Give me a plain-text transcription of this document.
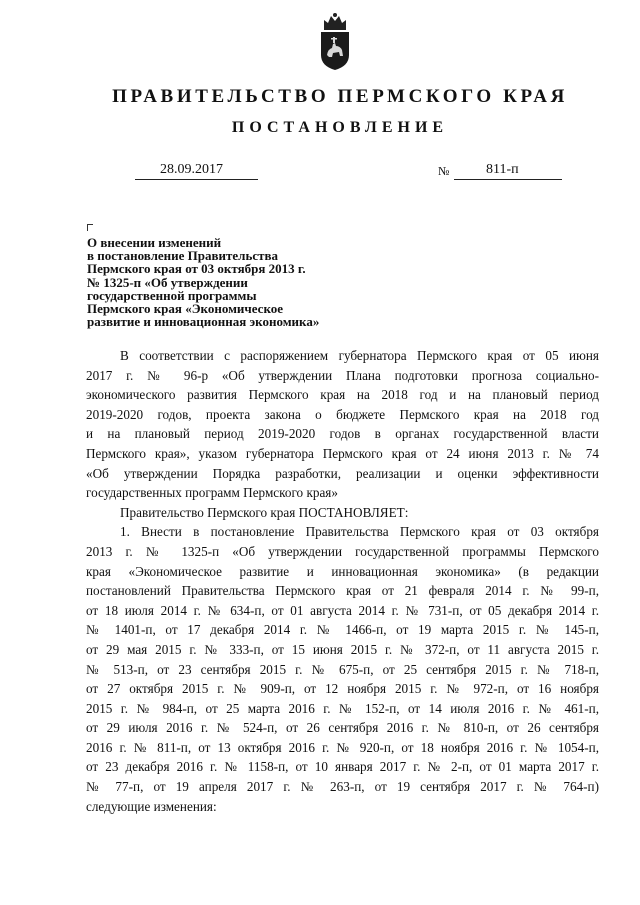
ПРАВИТЕЛЬСТВО ПЕРМСКОГО КРАЯ
ПОСТАНОВЛЕНИЕ
28.09.2017	№	811-п
О внесении изменений
в постановление Правительства
Пермского края от 03 октября 2013 г.
№ 1325-п «Об утверждении
государственной программы
Пермского края «Экономическое
развитие и инновационная экономика»
В соответствии с распоряжением губернатора Пермского края от 05 июня
2017 г. № 96-р «Об утверждении Плана подготовки прогноза социально-
экономического развития Пермского края на 2018 год и на плановый период
2019-2020 годов, проекта закона о бюджете Пермского края на 2018 год
и на плановый период 2019-2020 годов в органах государственной власти
Пермского края», указом губернатора Пермского края от 24 июня 2013 г. № 74
«Об утверждении Порядка разработки, реализации и оценки эффективности
государственных программ Пермского края»
Правительство Пермского края ПОСТАНОВЛЯЕТ:
1. Внести в постановление Правительства Пермского края от 03 октября
2013 г. № 1325-п «Об утверждении государственной программы Пермского
края «Экономическое развитие и инновационная экономика» (в редакции
постановлений Правительства Пермского края от 21 февраля 2014 г. № 99-п,
от 18 июля 2014 г. № 634-п, от 01 августа 2014 г. № 731-п, от 05 декабря 2014 г.
№ 1401-п, от 17 декабря 2014 г. № 1466-п, от 19 марта 2015 г. № 145-п,
от 29 мая 2015 г. № 333-п, от 15 июня 2015 г. № 372-п, от 11 августа 2015 г.
№ 513-п, от 23 сентября 2015 г. № 675-п, от 25 сентября 2015 г. № 718-п,
от 27 октября 2015 г. № 909-п, от 12 ноября 2015 г. № 972-п, от 16 ноября
2015 г. № 984-п, от 25 марта 2016 г. № 152-п, от 14 июля 2016 г. № 461-п,
от 29 июля 2016 г. № 524-п, от 26 сентября 2016 г. № 810-п, от 26 сентября
2016 г. № 811-п, от 13 октября 2016 г. № 920-п, от 18 ноября 2016 г. № 1054-п,
от 23 декабря 2016 г. № 1158-п, от 10 января 2017 г. № 2-п, от 01 марта 2017 г.
№ 77-п, от 19 апреля 2017 г. № 263-п, от 19 сентября 2017 г. № 764-п)
следующие изменения:
